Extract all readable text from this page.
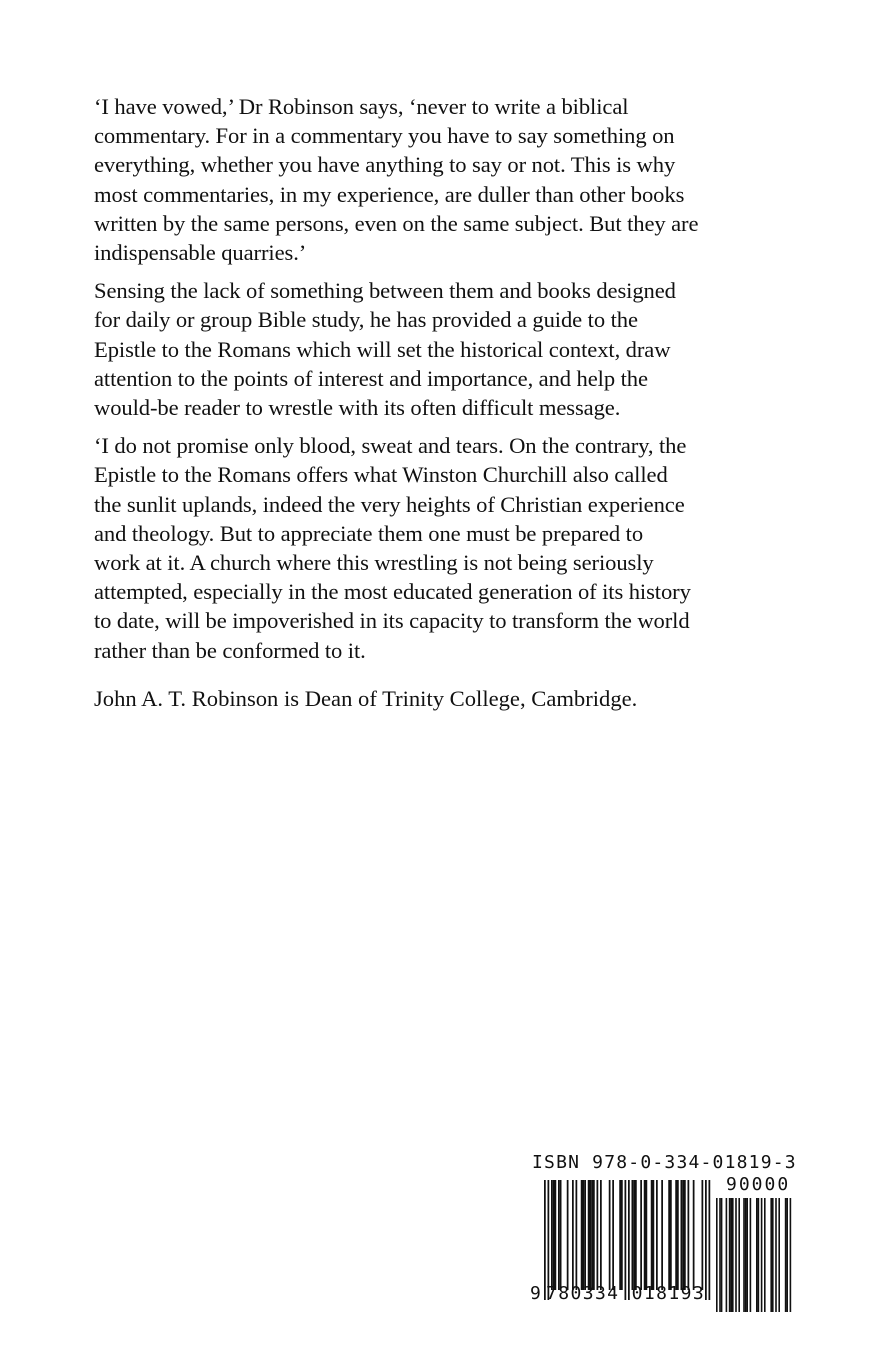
‘I have vowed,’ Dr Robinson says, ‘never to write a biblical
commentary. For in a commentary you have to say something on
everything, whether you have anything to say or not. This is why
most commentaries, in my experience, are duller than other books
written by the same persons, even on the same subject. But they are
indispensable quarries.’

Sensing the lack of something between them and books designed
for daily or group Bible study, he has provided a guide to the
Epistle to the Romans which will set the historical context, draw
attention to the points of interest and importance, and help the
would-be reader to wrestle with its often difficult message.

‘I do not promise only blood, sweat and tears. On the contrary, the
Epistle to the Romans offers what Winston Churchill also called
the sunlit uplands, indeed the very heights of Christian experience
and theology. But to appreciate them one must be prepared to
work at it. A church where this wrestling is not being seriously
attempted, especially in the most educated generation of its history
to date, will be impoverished in its capacity to transform the world
rather than be conformed to it.

John A. T. Robinson is Dean of Trinity College, Cambridge.
ISBN 978-0-334-01819-3
90000
9 780334 018193
